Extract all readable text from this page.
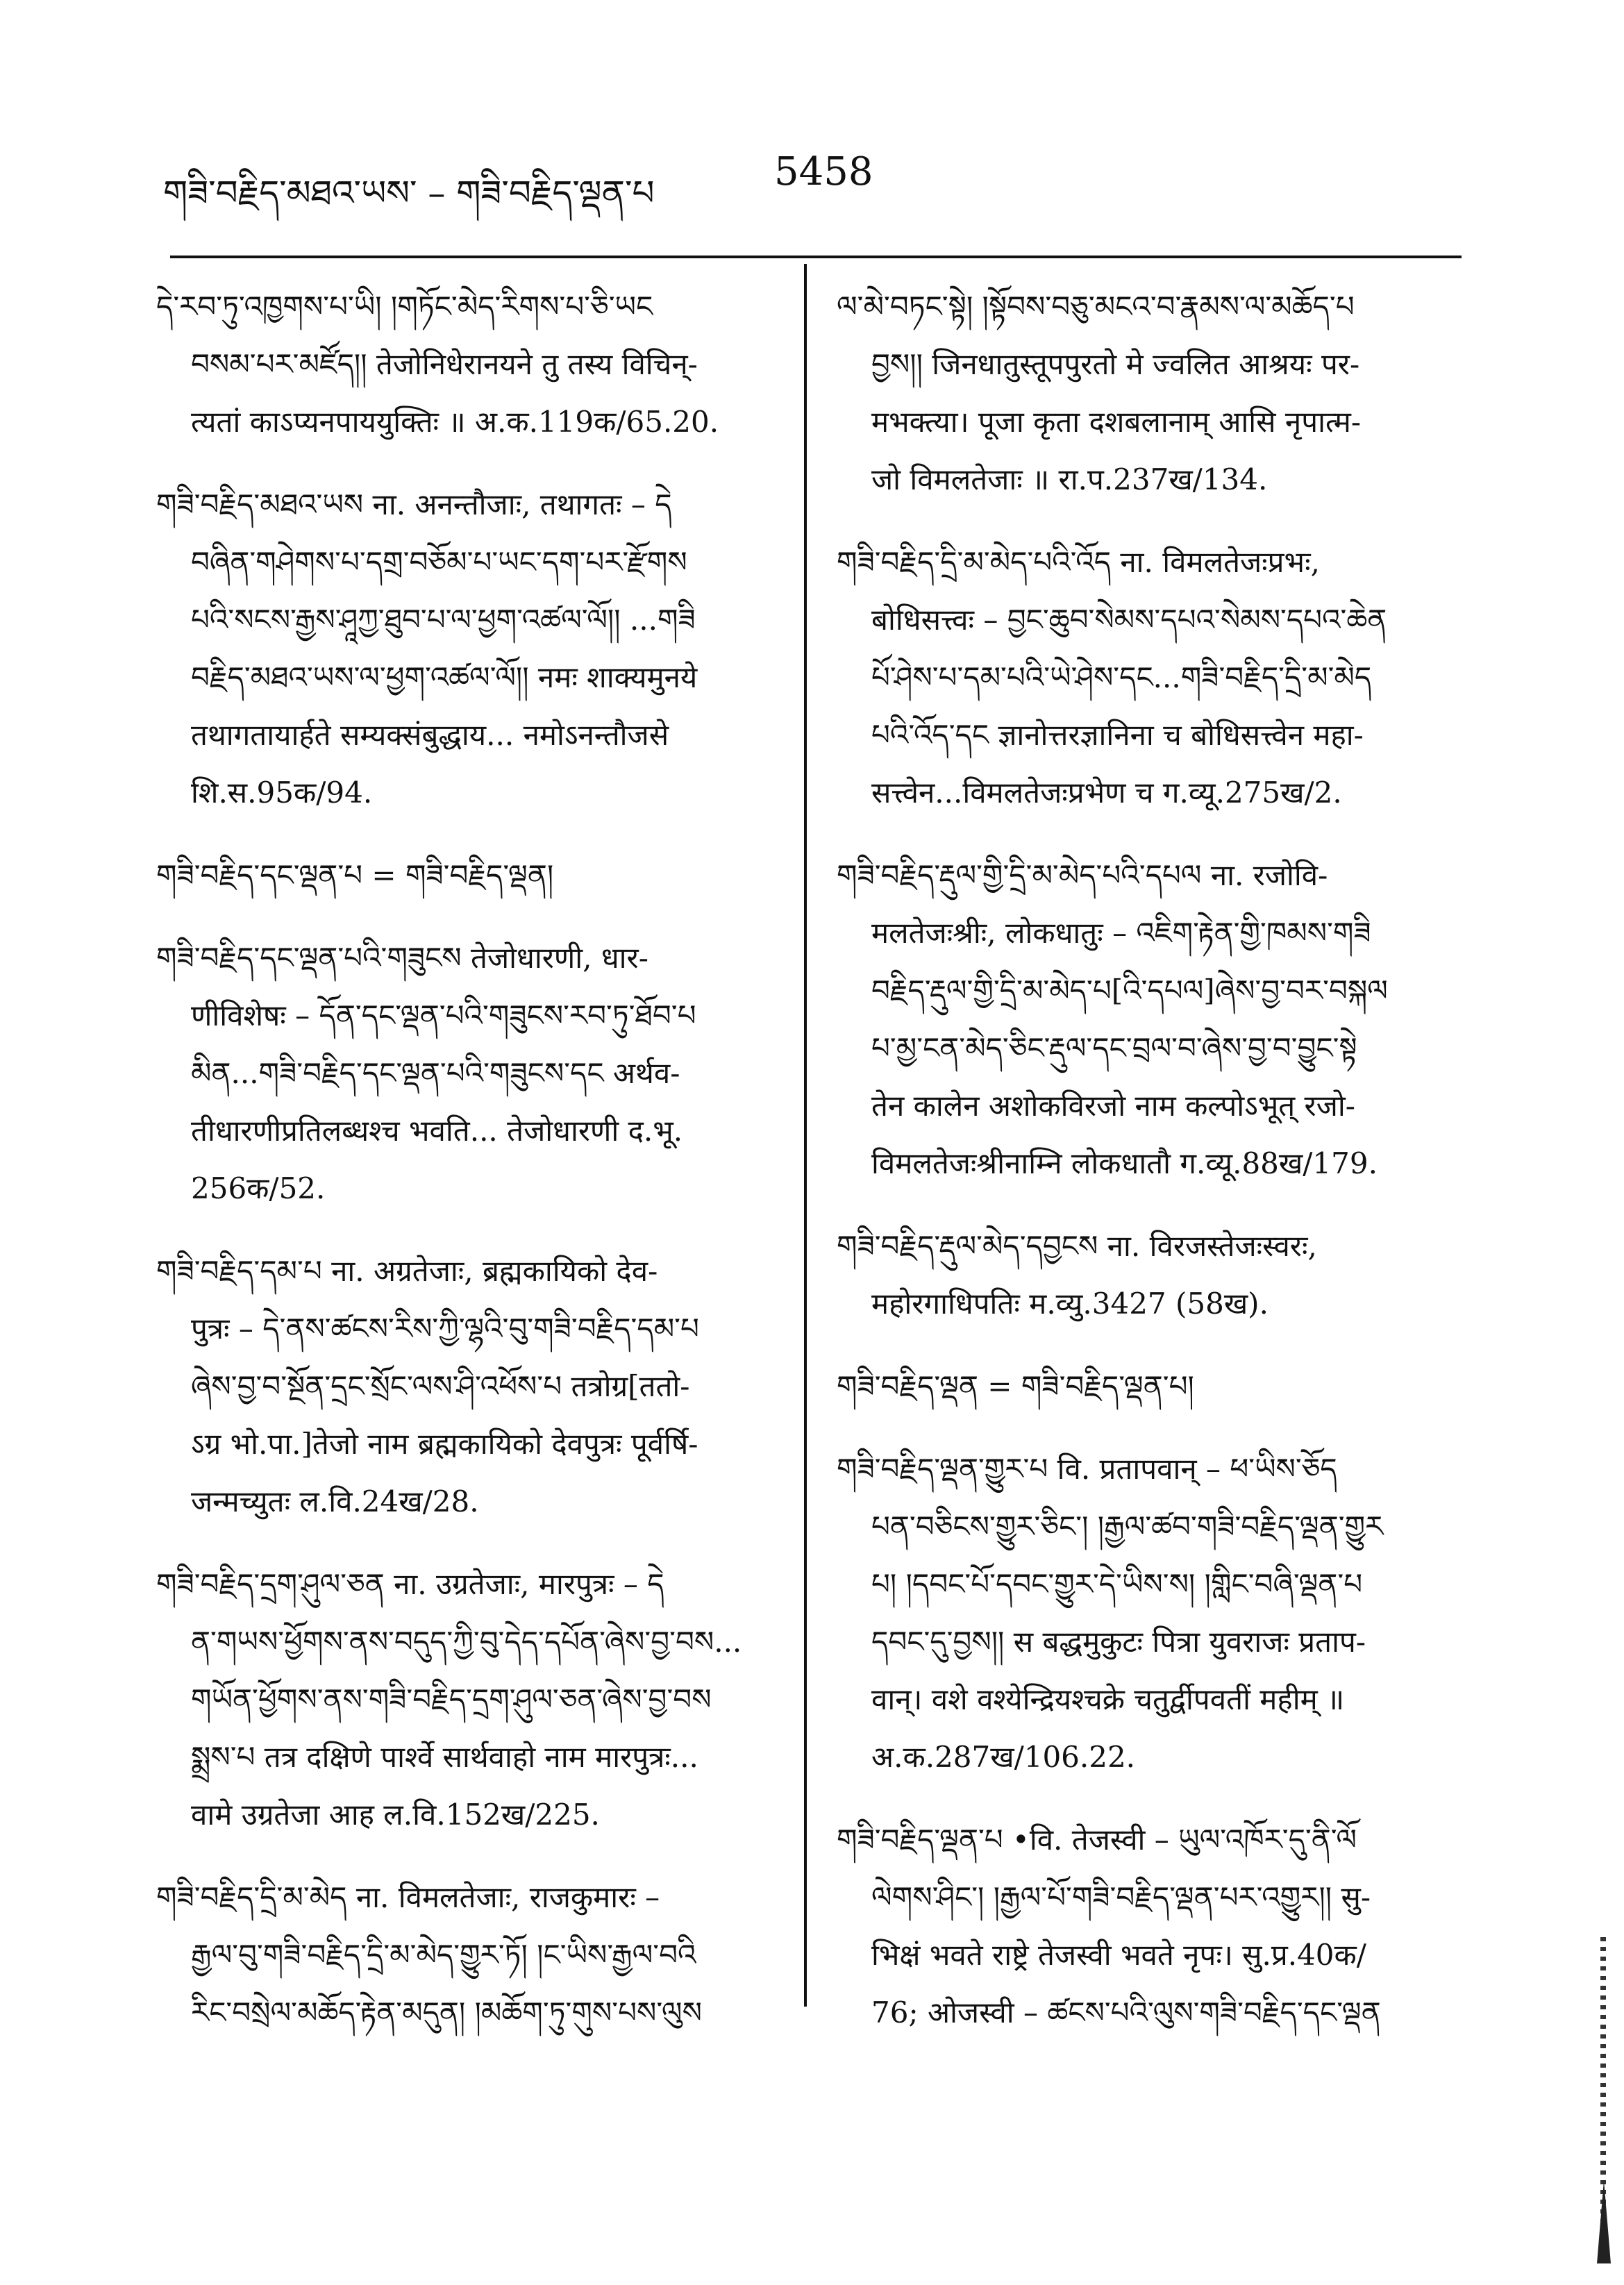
གཟི་བརྗིད་མཐའ་ཡས་ – གཟི་བརྗིད་ལྡན་པ	5458
དེ་རབ་ཏུ་འཁྱགས་པ་ཡི། །གཏོང་མེད་རིགས་པ་ཅི་ཡང
བསམ་པར་མཛོད།། तेजोनिधेरानयने तु तस्य विचिन्-
त्यतां काऽप्यनपाययुक्तिः ॥ अ.क.119क/65.20.
གཟི་བརྗིད་མཐའ་ཡས ना. अनन्तौजाः, तथागतः – དེ
བཞིན་གཤེགས་པ་དགྲ་བཅོམ་པ་ཡང་དག་པར་རྫོགས
པའི་སངས་རྒྱས་ཤཱཀྱ་ཐུབ་པ་ལ་ཕྱག་འཚལ་ལོ།། ...གཟི
བརྗིད་མཐའ་ཡས་ལ་ཕྱག་འཚལ་ལོ།། नमः शाक्यमुनये
तथागतायार्हते सम्यक्संबुद्धाय... नमोऽनन्तौजसे
शि.स.95क/94.
གཟི་བརྗིད་དང་ལྡན་པ = གཟི་བརྗིད་ལྡན།
གཟི་བརྗིད་དང་ལྡན་པའི་གཟུངས तेजोधारणी, धार-
णीविशेषः – དོན་དང་ལྡན་པའི་གཟུངས་རབ་ཏུ་ཐོབ་པ
མིན...གཟི་བརྗིད་དང་ལྡན་པའི་གཟུངས་དང अर्थव-
तीधारणीप्रतिलब्धश्च भवति... तेजोधारणी द.भू.
256क/52.
གཟི་བརྗིད་དམ་པ ना. अग्रतेजाः, ब्रह्मकायिको देव-
पुत्रः – དེ་ནས་ཚངས་རིས་ཀྱི་ལྷའི་བུ་གཟི་བརྗིད་དམ་པ
ཞེས་བྱ་བ་སྔོན་དྲང་སྲོང་ལས་ཤི་འཕོས་པ तत्रोग्र[ततो-
ऽग्र भो.पा.]तेजो नाम ब्रह्मकायिको देवपुत्रः पूर्वर्षि-
जन्मच्युतः ल.वि.24ख/28.
གཟི་བརྗིད་དྲག་ཤུལ་ཅན ना. उग्रतेजाः, मारपुत्रः – དེ
ན་གཡས་ཕྱོགས་ནས་བདུད་ཀྱི་བུ་དེད་དཔོན་ཞེས་བྱ་བས...
གཡོན་ཕྱོགས་ནས་གཟི་བརྗིད་དྲག་ཤུལ་ཅན་ཞེས་བྱ་བས
སྨྲས་པ तत्र दक्षिणे पार्श्वे सार्थवाहो नाम मारपुत्रः...
वामे उग्रतेजा आह ल.वि.152ख/225.
གཟི་བརྗིད་དྲི་མ་མེད ना. विमलतेजाः, राजकुमारः –
རྒྱལ་བུ་གཟི་བརྗིད་དྲི་མ་མེད་གྱུར་ཏོ། །ང་ཡིས་རྒྱལ་བའི
རིང་བསྲེལ་མཆོད་རྟེན་མདུན། །མཆོག་ཏུ་གུས་པས་ལུས
ལ་མེ་བཏང་སྟེ། །སྟོབས་བཅུ་མངའ་བ་རྣམས་ལ་མཆོད་པ
བྱས།། जिनधातुस्तूपपुरतो मे ज्वलित आश्रयः पर-
मभक्त्या। पूजा कृता दशबलानाम् आसि नृपात्म-
जो विमलतेजाः ॥ रा.प.237ख/134.
གཟི་བརྗིད་དྲི་མ་མེད་པའི་འོད ना. विमलतेजःप्रभः,
बोधिसत्त्वः – བྱང་ཆུབ་སེམས་དཔའ་སེམས་དཔའ་ཆེན
པོ་ཤེས་པ་དམ་པའི་ཡེ་ཤེས་དང...གཟི་བརྗིད་དྲི་མ་མེད
པའི་འོད་དང ज्ञानोत्तरज्ञानिना च बोधिसत्त्वेन महा-
सत्त्वेन...विमलतेजःप्रभेण च ग.व्यू.275ख/2.
གཟི་བརྗིད་རྡུལ་གྱི་དྲི་མ་མེད་པའི་དཔལ ना. रजोवि-
मलतेजःश्रीः, लोकधातुः – འཇིག་རྟེན་གྱི་ཁམས་གཟི
བརྗིད་རྡུལ་གྱི་དྲི་མ་མེད་པ[འི་དཔལ]ཞེས་བྱ་བར་བསྐལ
པ་མྱ་ངན་མེད་ཅིང་རྡུལ་དང་བྲལ་བ་ཞེས་བྱ་བ་བྱུང་སྟེ
तेन कालेन अशोकविरजो नाम कल्पोऽभूत् रजो-
विमलतेजःश्रीनाम्नि लोकधातौ ग.व्यू.88ख/179.
གཟི་བརྗིད་རྡུལ་མེད་དབྱངས ना. विरजस्तेजःस्वरः,
महोरगाधिपतिः म.व्यु.3427 (58ख).
གཟི་བརྗིད་ལྡན = གཟི་བརྗིད་ལྡན་པ།
གཟི་བརྗིད་ལྡན་གྱུར་པ वि. प्रतापवान् – ཕ་ཡིས་ཅོད
པན་བཅིངས་གྱུར་ཅིང་། །རྒྱལ་ཚབ་གཟི་བརྗིད་ལྡན་གྱུར
པ། །དབང་པོ་དབང་གྱུར་དེ་ཡིས་ས། །གླིང་བཞི་ལྡན་པ
དབང་དུ་བྱས།། स बद्धमुकुटः पित्रा युवराजः प्रताप-
वान्। वशे वश्येन्द्रियश्चक्रे चतुर्द्वीपवतीं महीम् ॥
अ.क.287ख/106.22.
གཟི་བརྗིད་ལྡན་པ •वि. तेजस्वी – ཡུལ་འཁོར་དུ་ནི་ལོ
ལེགས་ཤིང་། །རྒྱལ་པོ་གཟི་བརྗིད་ལྡན་པར་འགྱུར།། सु-
भिक्षं भवते राष्ट्रे तेजस्वी भवते नृपः। सु.प्र.40क/
76; ओजस्वी – ཚངས་པའི་ལུས་གཟི་བརྗིད་དང་ལྡན
